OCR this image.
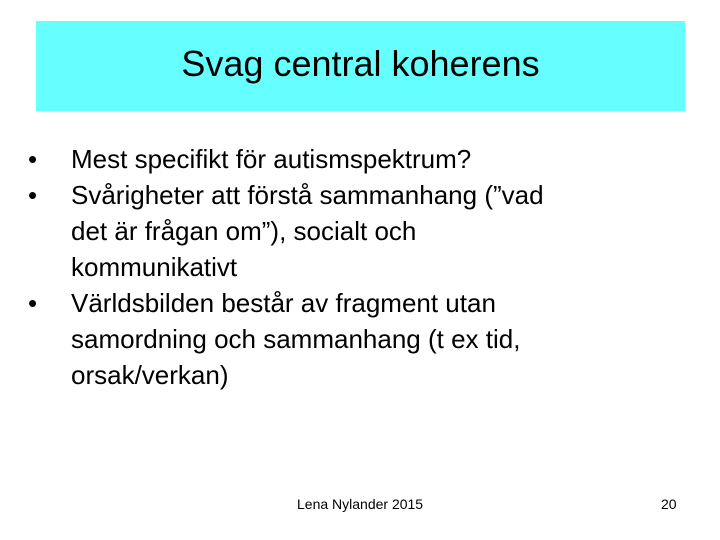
Svag central koherens
•	Mest specifikt för autismspektrum?
•	Svårigheter att förstå sammanhang (”vad
det är frågan om”), socialt och
kommunikativt
•	Världsbilden består av fragment utan
samordning och sammanhang (t ex tid,
orsak/verkan)
Lena Nylander 2015	20
